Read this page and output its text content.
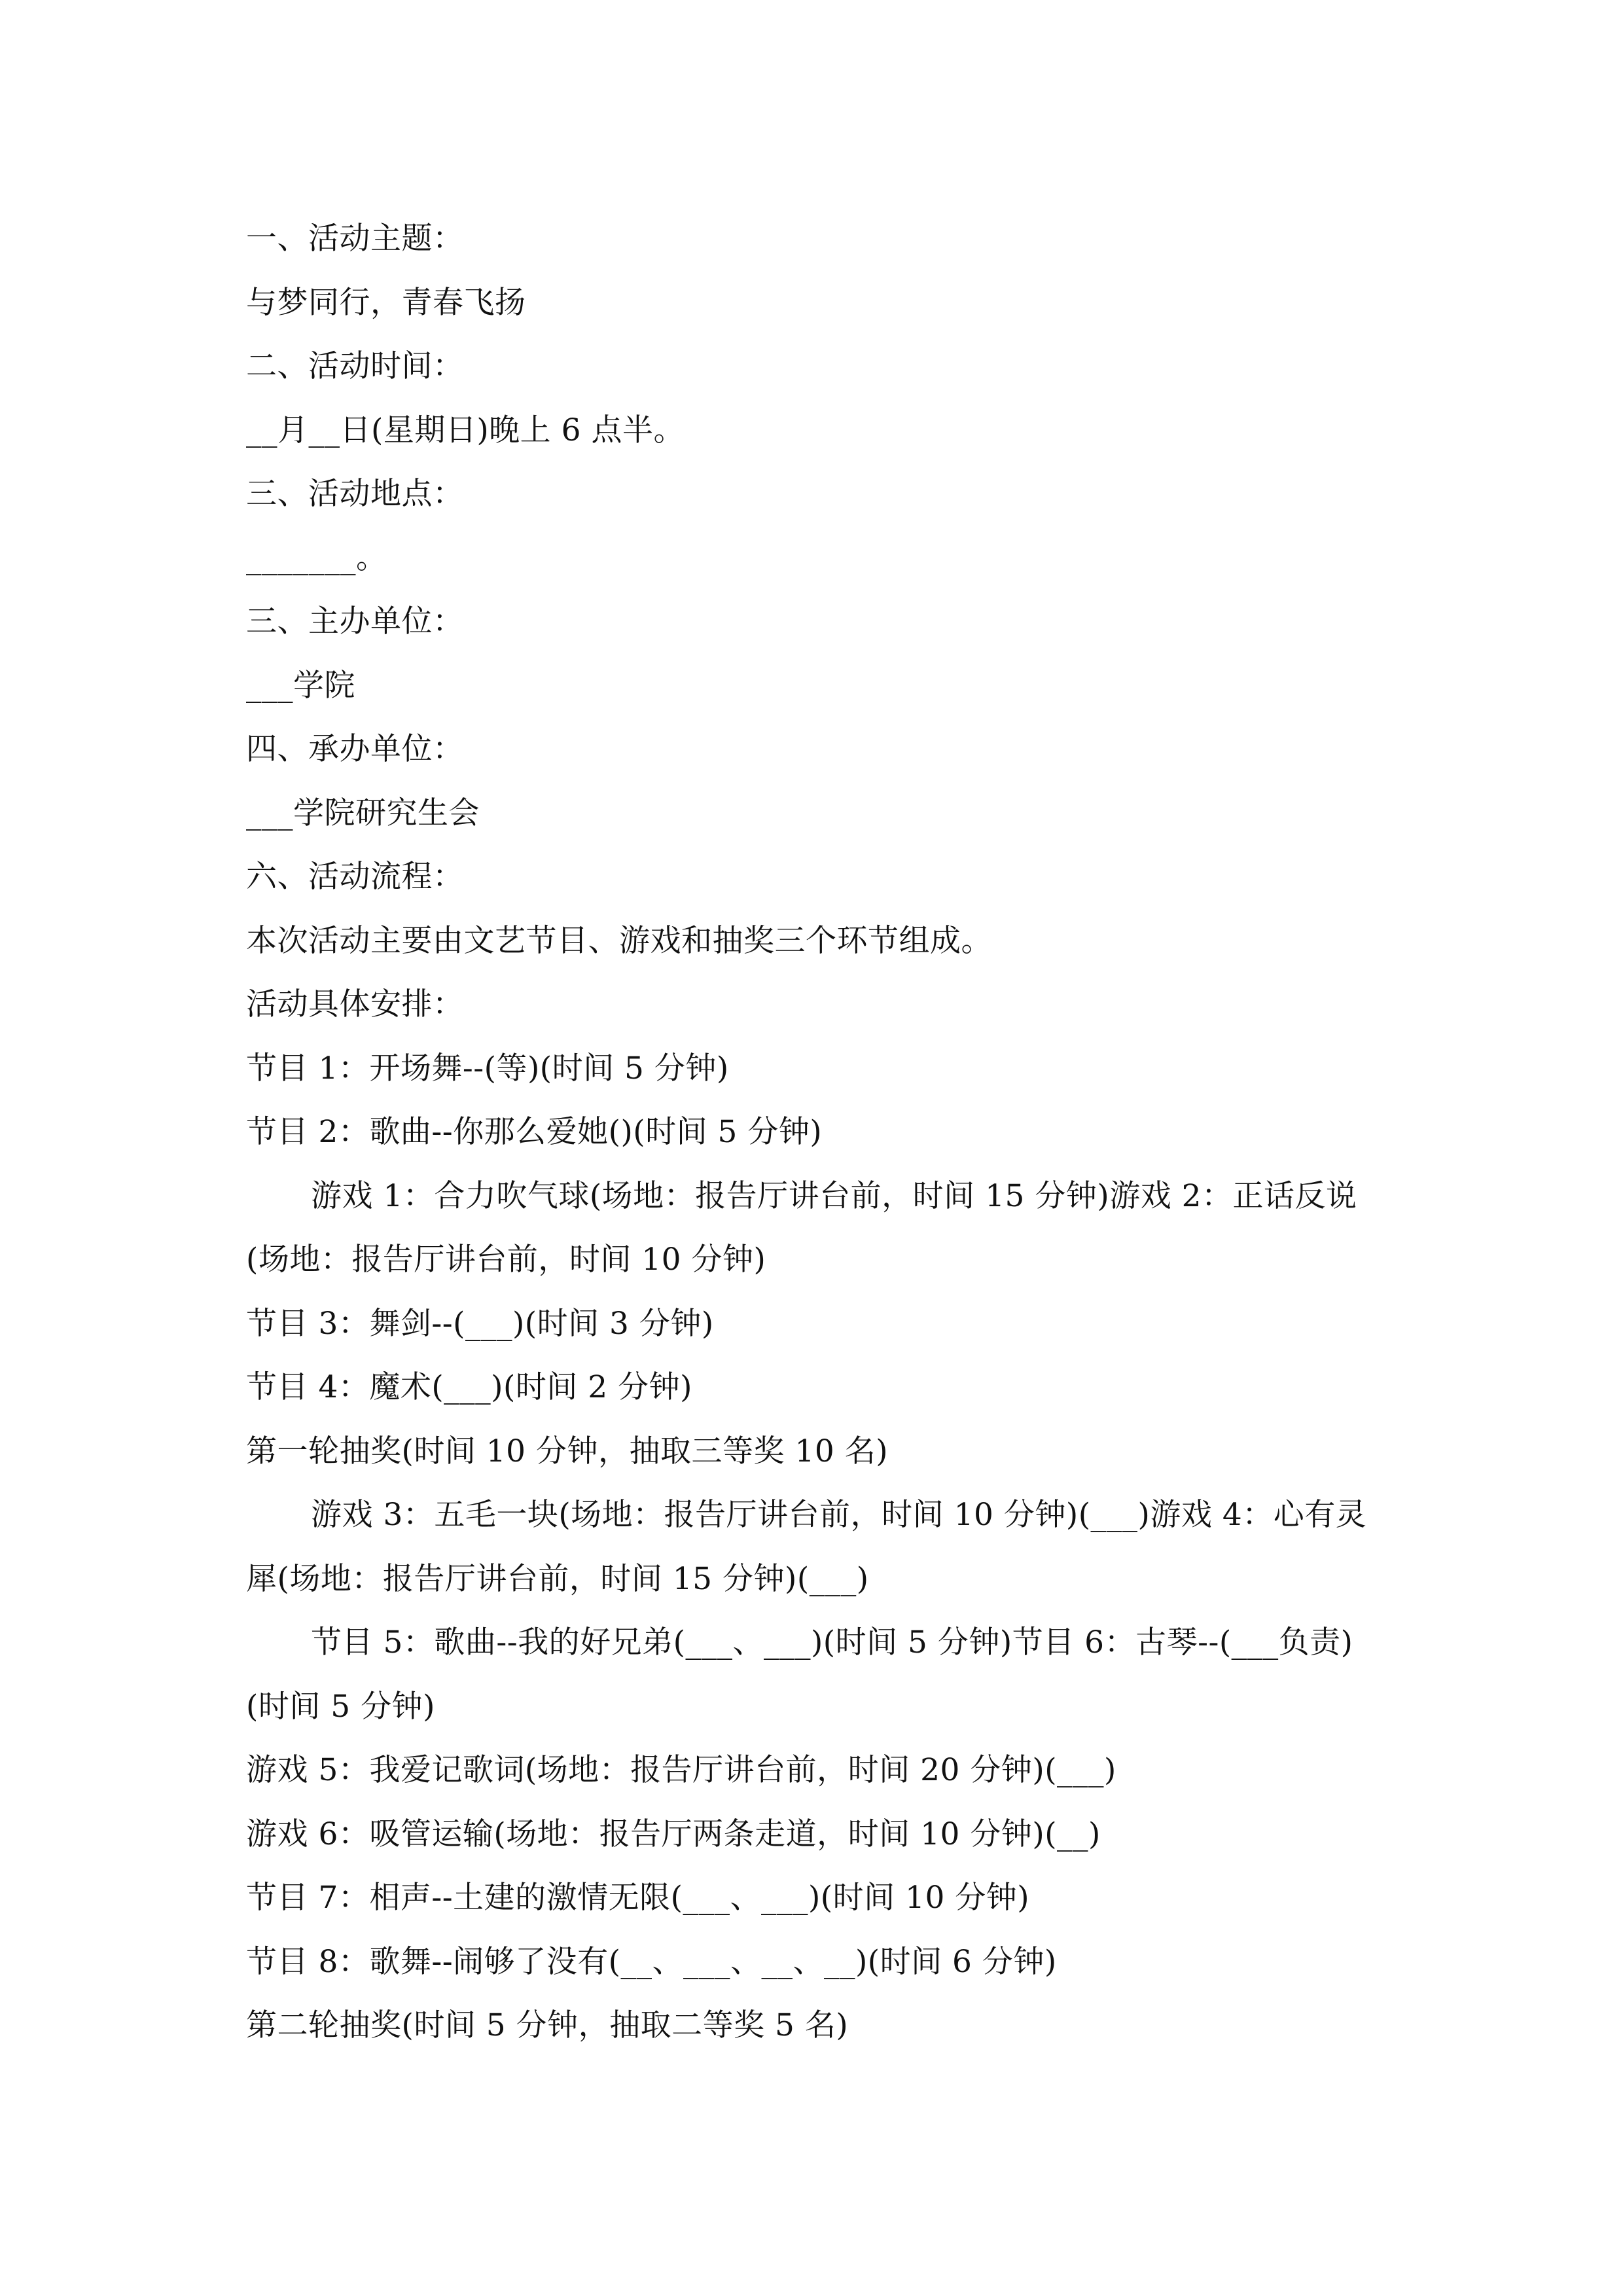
一、活动主题：

与梦同行，青春飞扬

二、活动时间：

__月__日(星期日)晚上 6 点半。

三、活动地点：

_______。

三、主办单位：

___学院

四、承办单位：

___学院研究生会

六、活动流程：

本次活动主要由文艺节目、游戏和抽奖三个环节组成。

活动具体安排：

节目 1：开场舞--(等)(时间 5 分钟)

节目 2：歌曲--你那么爱她()(时间 5 分钟)

游戏 1：合力吹气球(场地：报告厅讲台前，时间 15 分钟)游戏 2：正话反说(场地：报告厅讲台前，时间 10 分钟)

节目 3：舞剑--(___)(时间 3 分钟)

节目 4：魔术(___)(时间 2 分钟)

第一轮抽奖(时间 10 分钟，抽取三等奖 10 名)

游戏 3：五毛一块(场地：报告厅讲台前，时间 10 分钟)(___)游戏 4：心有灵犀(场地：报告厅讲台前，时间 15 分钟)(___)

节目 5：歌曲--我的好兄弟(___、___)(时间 5 分钟)节目 6：古琴--(___负责)(时间 5 分钟)

游戏 5：我爱记歌词(场地：报告厅讲台前，时间 20 分钟)(___)

游戏 6：吸管运输(场地：报告厅两条走道，时间 10 分钟)(__)

节目 7：相声--土建的激情无限(___、___)(时间 10 分钟)

节目 8：歌舞--闹够了没有(__、___、__、__)(时间 6 分钟)

第二轮抽奖(时间 5 分钟，抽取二等奖 5 名)
